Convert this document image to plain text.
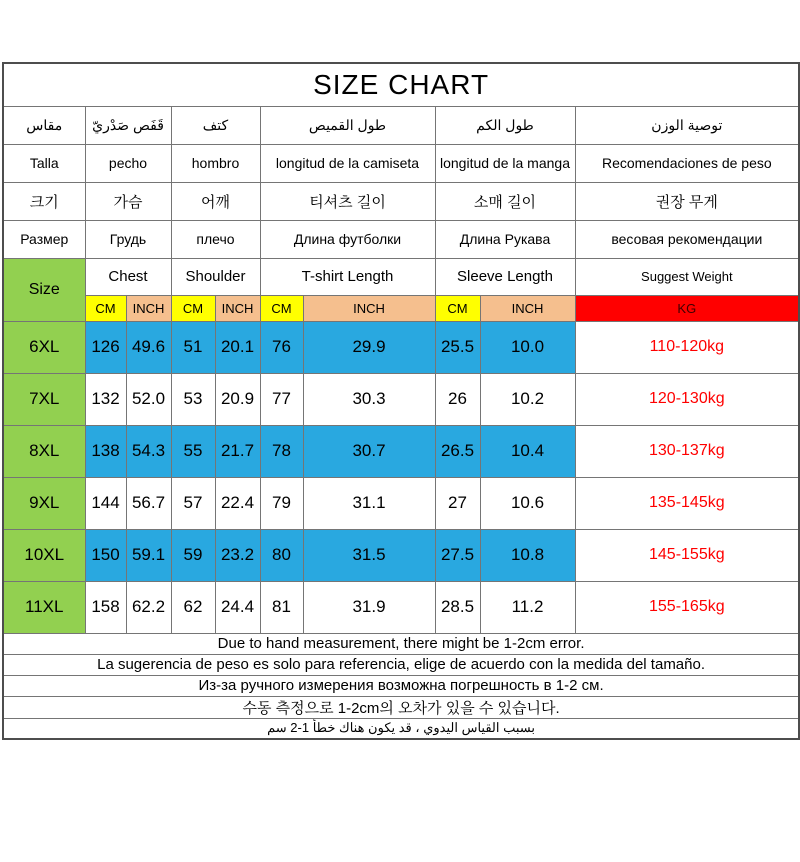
SIZE CHART									
مقاس	قَفَص صَدْريّ		كتف		طول القميص		طول الكم		توصية الوزن
Talla	pecho		hombro		longitud de la camiseta		longitud de la manga		Recomendaciones de peso
크기	가슴		어깨		티셔츠 길이		소매 길이		권장 무게
Размер	Грудь		плечо		Длина футболки		Длина Рукава		весовая рекомендации
Size	Chest		Shoulder		T-shirt Length		Sleeve Length		Suggest Weight
	CM	INCH	CM	INCH	CM	INCH	CM	INCH	KG
6XL	126	49.6	51	20.1	76	29.9	25.5	10.0	110-120kg
7XL	132	52.0	53	20.9	77	30.3	26	10.2	120-130kg
8XL	138	54.3	55	21.7	78	30.7	26.5	10.4	130-137kg
9XL	144	56.7	57	22.4	79	31.1	27	10.6	135-145kg
10XL	150	59.1	59	23.2	80	31.5	27.5	10.8	145-155kg
11XL	158	62.2	62	24.4	81	31.9	28.5	11.2	155-165kg
Due to hand measurement, there might be 1-2cm error.									
La sugerencia de peso es solo para referencia, elige de acuerdo con la medida del tamaño.									
Из-за ручного измерения возможна погрешность в 1-2 см.									
수동 측정으로 1-2cm의 오차가 있을 수 있습니다.									
بسبب القياس اليدوي ، قد يكون هناك خطأ 1-2 سم									
